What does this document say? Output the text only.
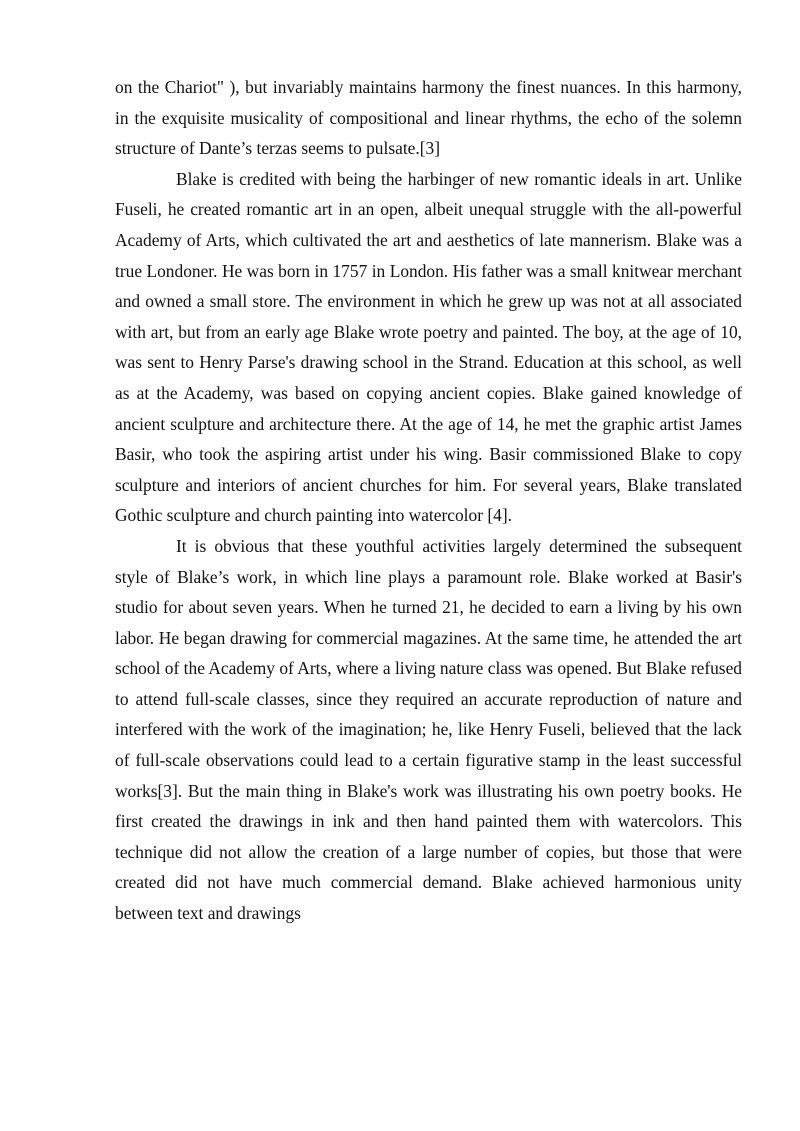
on the Chariot" ), but invariably maintains harmony the finest nuances. In this harmony, in the exquisite musicality of compositional and linear rhythms, the echo of the solemn structure of Dante’s terzas seems to pulsate.[3]

Blake is credited with being the harbinger of new romantic ideals in art. Unlike Fuseli, he created romantic art in an open, albeit unequal struggle with the all-powerful Academy of Arts, which cultivated the art and aesthetics of late mannerism. Blake was a true Londoner. He was born in 1757 in London. His father was a small knitwear merchant and owned a small store. The environment in which he grew up was not at all associated with art, but from an early age Blake wrote poetry and painted. The boy, at the age of 10, was sent to Henry Parse's drawing school in the Strand. Education at this school, as well as at the Academy, was based on copying ancient copies. Blake gained knowledge of ancient sculpture and architecture there. At the age of 14, he met the graphic artist James Basir, who took the aspiring artist under his wing. Basir commissioned Blake to copy sculpture and interiors of ancient churches for him. For several years, Blake translated Gothic sculpture and church painting into watercolor [4].

It is obvious that these youthful activities largely determined the subsequent style of Blake’s work, in which line plays a paramount role. Blake worked at Basir's studio for about seven years. When he turned 21, he decided to earn a living by his own labor. He began drawing for commercial magazines. At the same time, he attended the art school of the Academy of Arts, where a living nature class was opened. But Blake refused to attend full-scale classes, since they required an accurate reproduction of nature and interfered with the work of the imagination; he, like Henry Fuseli, believed that the lack of full-scale observations could lead to a certain figurative stamp in the least successful works[3]. But the main thing in Blake's work was illustrating his own poetry books. He first created the drawings in ink and then hand painted them with watercolors. This technique did not allow the creation of a large number of copies, but those that were created did not have much commercial demand. Blake achieved harmonious unity between text and drawings
